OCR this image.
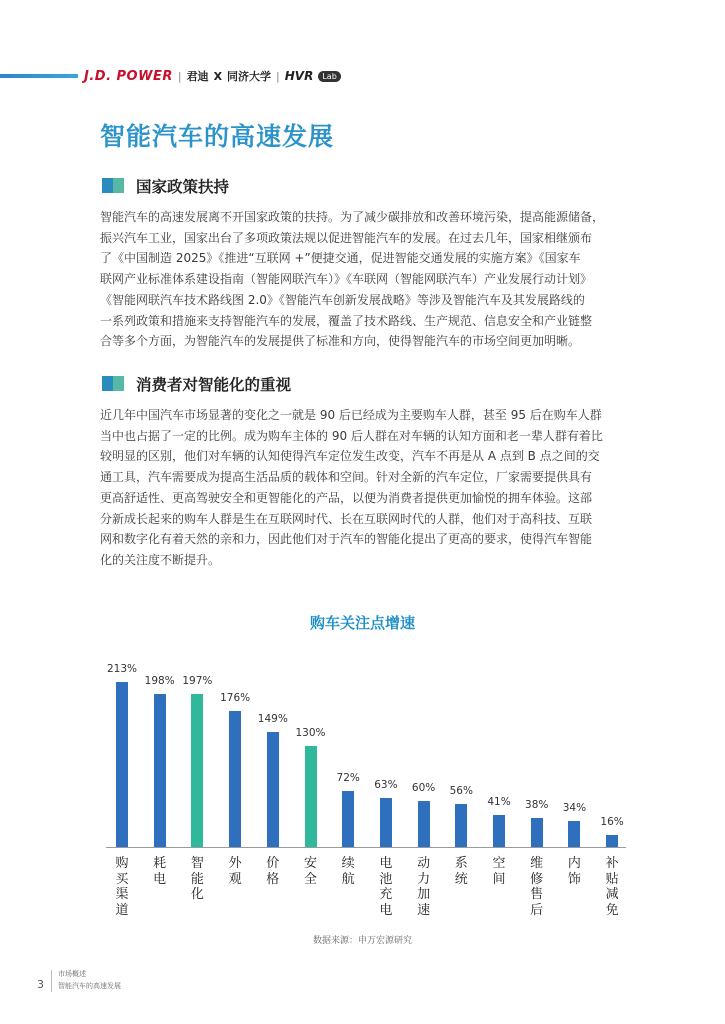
J.D. POWER | 君迪 X 同济大学 | HVR	Lab
智能汽车的高速发展
国家政策扶持
智能汽车的高速发展离不开国家政策的扶持。为了减少碳排放和改善环境污染，提高能源储备，
振兴汽车工业，国家出台了多项政策法规以促进智能汽车的发展。在过去几年，国家相继颁布
了《中国制造 2025》《推进“互联网 +”便捷交通，促进智能交通发展的实施方案》《国家车
联网产业标准体系建设指南（智能网联汽车）》《车联网（智能网联汽车）产业发展行动计划》
《智能网联汽车技术路线图 2.0》《智能汽车创新发展战略》等涉及智能汽车及其发展路线的
一系列政策和措施来支持智能汽车的发展，覆盖了技术路线、生产规范、信息安全和产业链整
合等多个方面，为智能汽车的发展提供了标准和方向，使得智能汽车的市场空间更加明晰。
消费者对智能化的重视
近几年中国汽车市场显著的变化之一就是 90 后已经成为主要购车人群，甚至 95 后在购车人群
当中也占据了一定的比例。成为购车主体的 90 后人群在对车辆的认知方面和老一辈人群有着比
较明显的区别，他们对车辆的认知使得汽车定位发生改变，汽车不再是从 A 点到 B 点之间的交
通工具，汽车需要成为提高生活品质的载体和空间。针对全新的汽车定位，厂家需要提供具有
更高舒适性、更高驾驶安全和更智能化的产品，以便为消费者提供更加愉悦的拥车体验。这部
分新成长起来的购车人群是生在互联网时代、长在互联网时代的人群，他们对于高科技、互联
网和数字化有着天然的亲和力，因此他们对于汽车的智能化提出了更高的要求，使得汽车智能
化的关注度不断提升。
购车关注点增速
213%
购买渠道
198%
耗电
197%
智能化
176%
外观
149%
价格
130%
安全
72%
续航
63%
电池充电
60%
动力加速
56%
系统
41%
空间
38%
维修售后
34%
内饰
16%
补贴减免
数据来源：申万宏源研究
3
市场概述
智能汽车的高速发展
